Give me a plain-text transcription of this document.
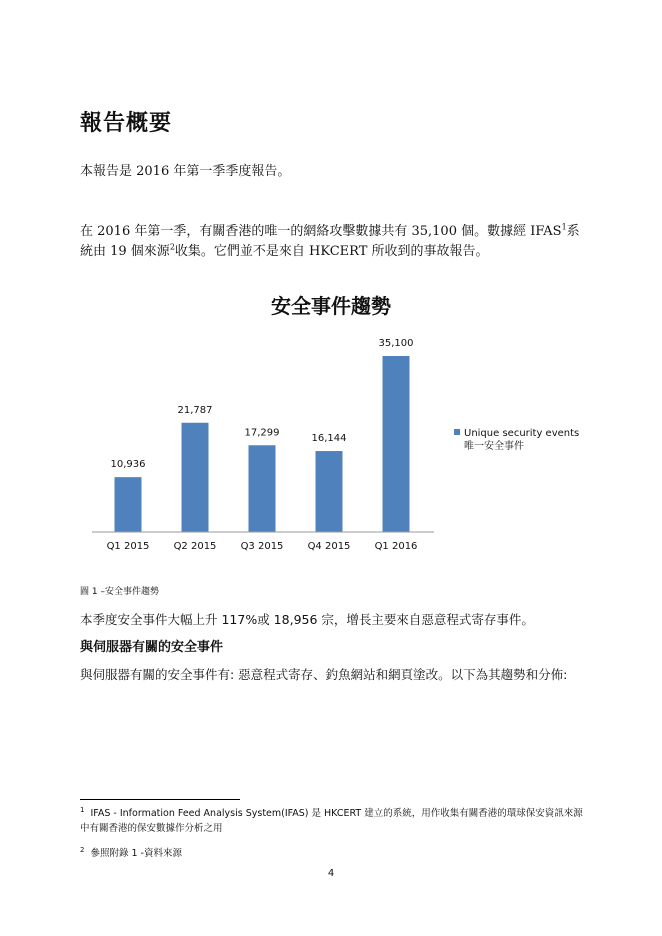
報告概要
本報告是 2016 年第一季季度報告。
在 2016 年第一季，有關香港的唯一的網絡攻擊數據共有 35,100 個。數據經 IFAS$^1$系統由 19 個來源$^2$收集。它們並不是來自 HKCERT 所收到的事故報告。
安全事件趨勢
10,936
21,787
17,299
16,144
35,100
Q1 2015 Q2 2015 Q3 2015 Q4 2015 Q1 2016
Unique security events
唯一安全事件
圖 1 –安全事件趨勢
本季度安全事件大幅上升 117%或 18,956 宗，增長主要來自惡意程式寄存事件。
與伺服器有關的安全事件
與伺服器有關的安全事件有: 惡意程式寄存、釣魚網站和網頁塗改。以下為其趨勢和分佈:
$^1$ IFAS - Information Feed Analysis System(IFAS) 是 HKCERT 建立的系統，用作收集有關香港的環球保安資訊來源中有關香港的保安數據作分析之用
$^2$ 參照附錄 1 -資料來源
4
